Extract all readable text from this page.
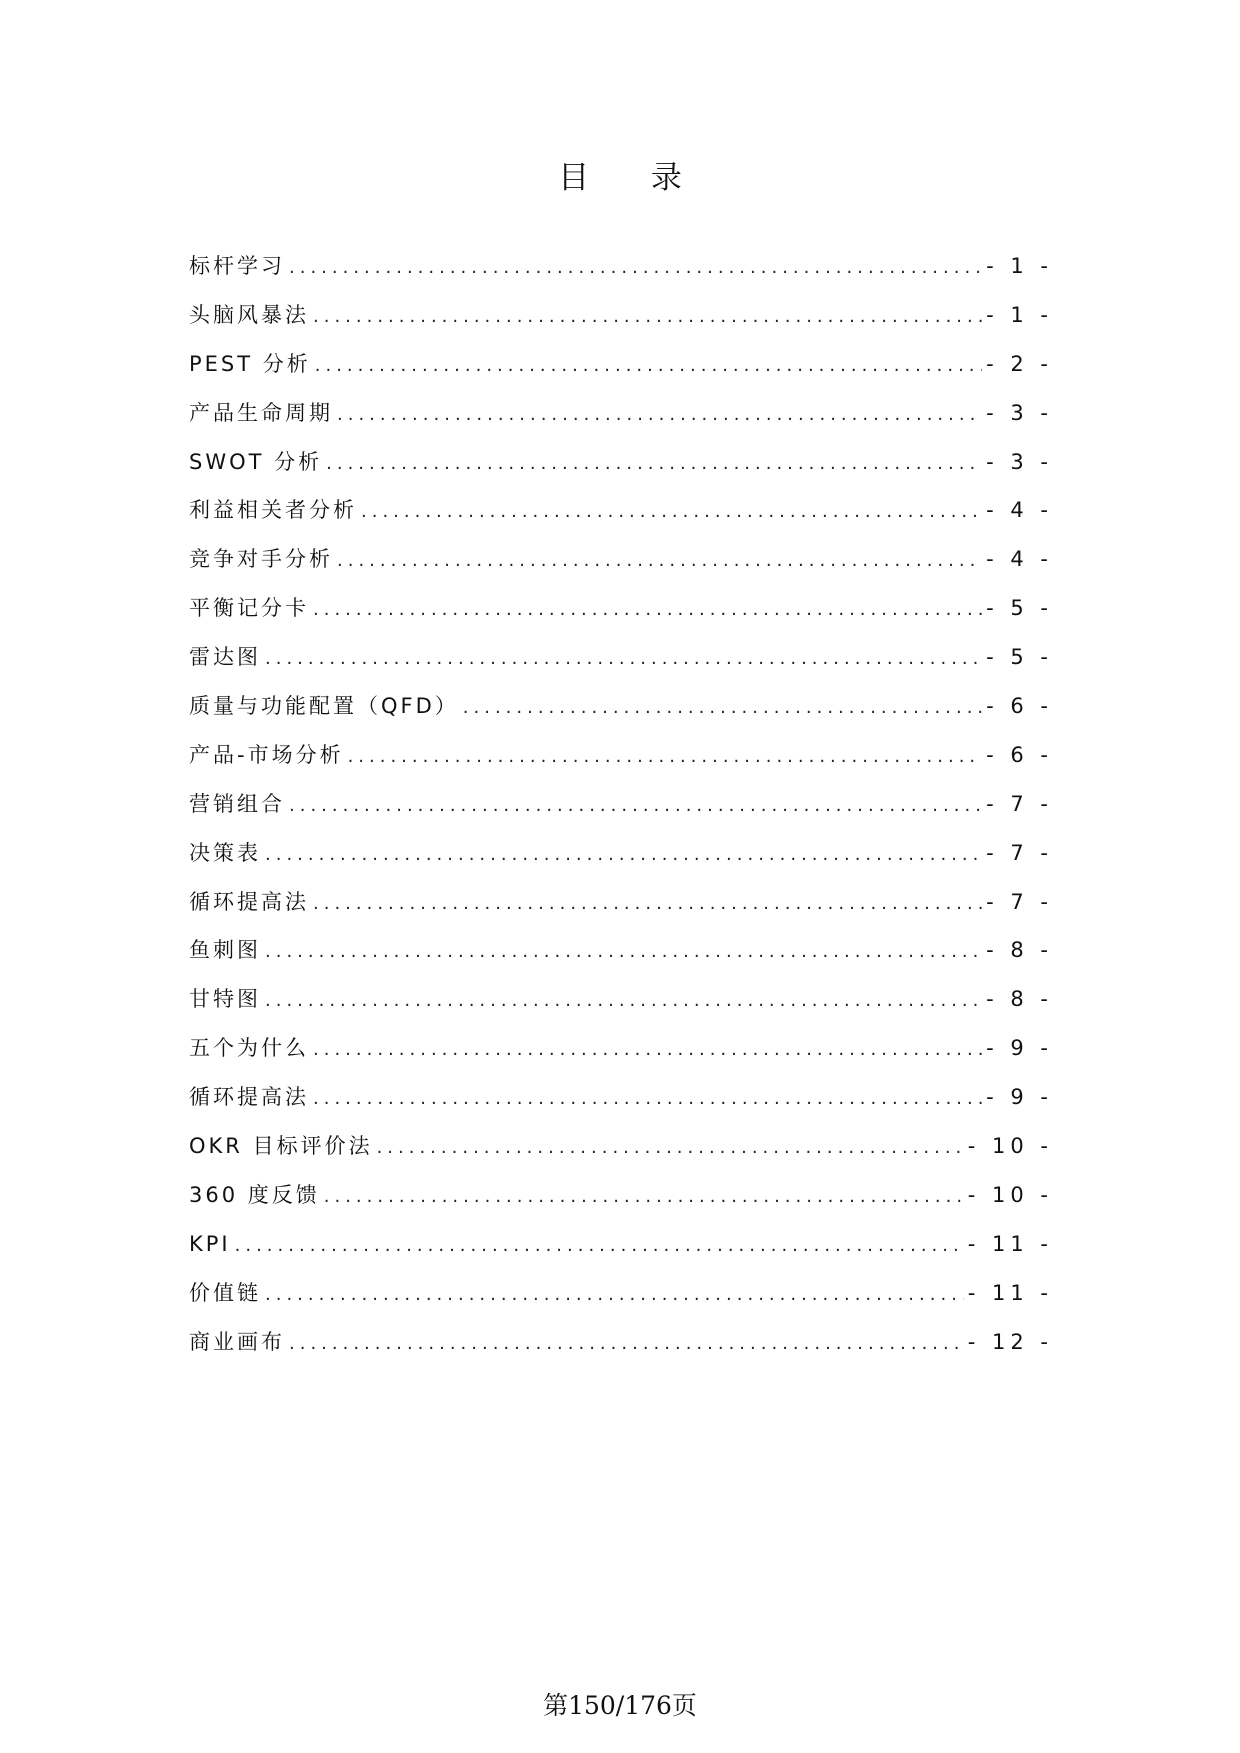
目 录
标杆学习 .....	- 1 -
头脑风暴法 .....	- 1 -
PEST 分析 .....	- 2 -
产品生命周期 .....	- 3 -
SWOT 分析 .....	- 3 -
利益相关者分析 .....	- 4 -
竞争对手分析 .....	- 4 -
平衡记分卡 .....	- 5 -
雷达图 .....	- 5 -
质量与功能配置（QFD） .....	- 6 -
产品-市场分析 .....	- 6 -
营销组合 .....	- 7 -
决策表 .....	- 7 -
循环提高法 .....	- 7 -
鱼刺图 .....	- 8 -
甘特图 .....	- 8 -
五个为什么 .....	- 9 -
循环提高法 .....	- 9 -
OKR 目标评价法 .....	- 10 -
360 度反馈 .....	- 10 -
KPI .....	- 11 -
价值链 .....	- 11 -
商业画布 .....	- 12 -
第150/176页
